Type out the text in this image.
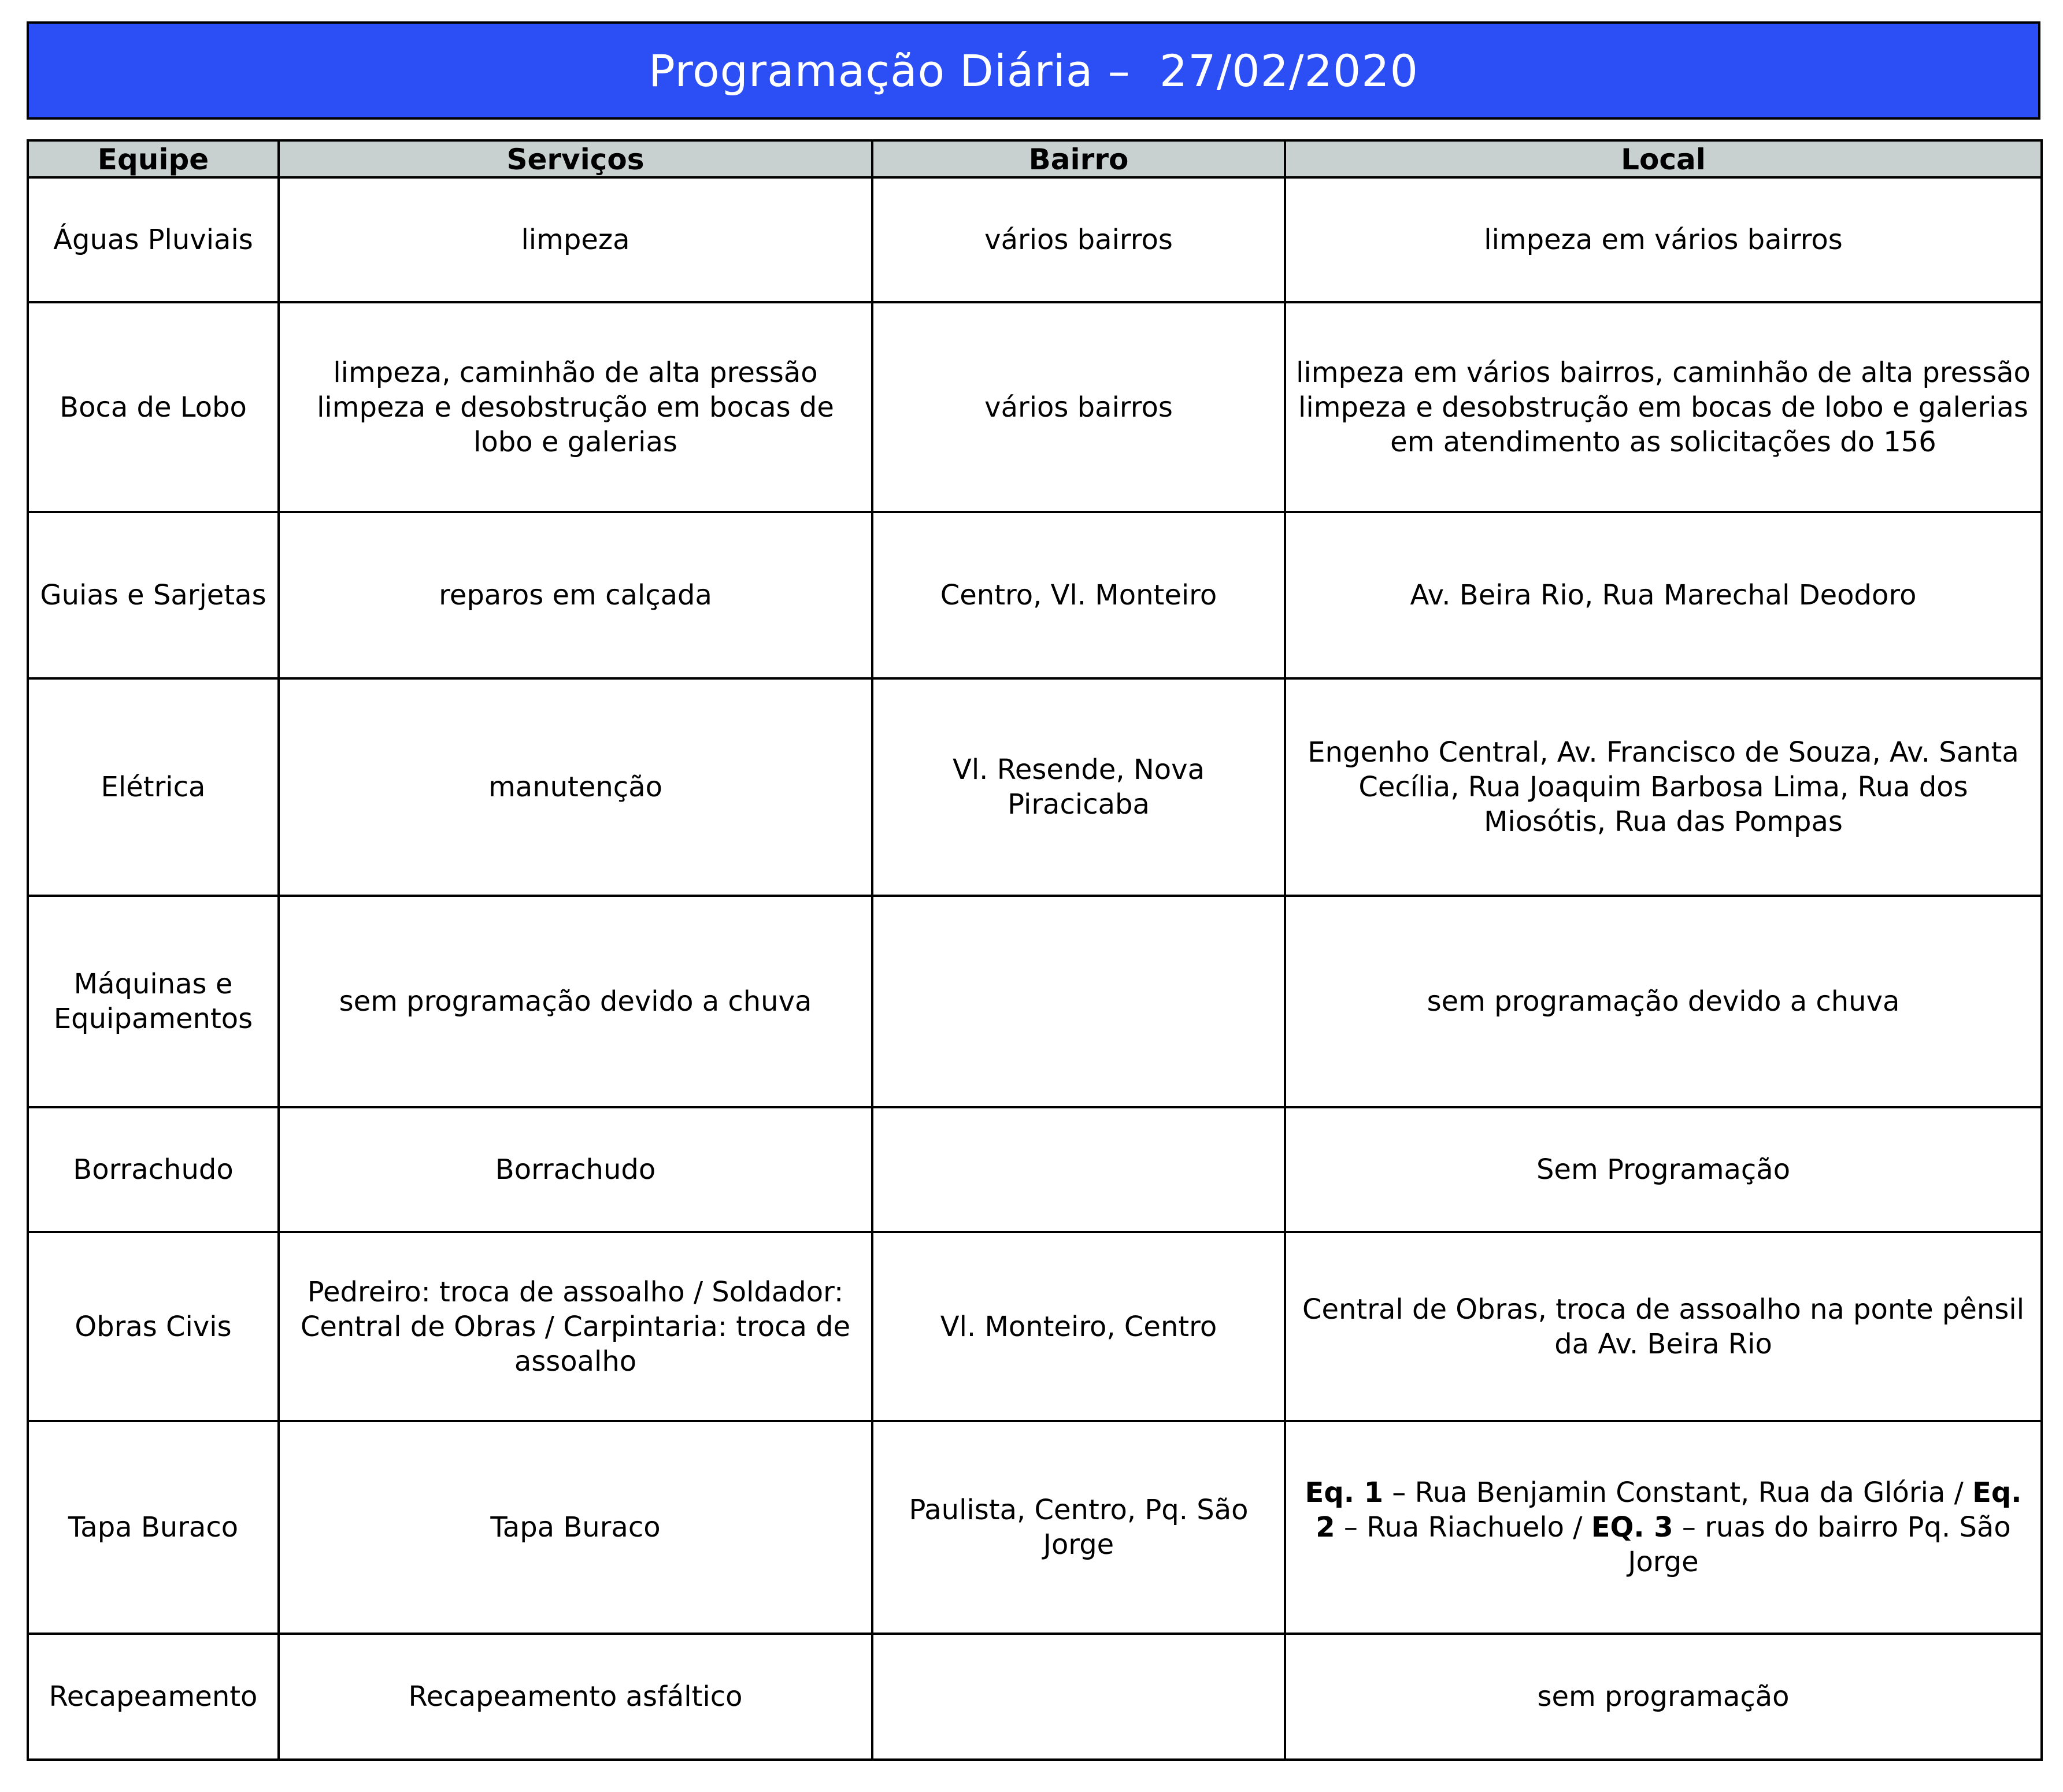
Programação Diária –  27/02/2020
Equipe	Serviços	Bairro	Local
Águas Pluviais	limpeza	vários bairros	limpeza em vários bairros
Boca de Lobo	limpeza, caminhão de alta pressão limpeza e desobstrução em bocas de lobo e galerias	vários bairros	limpeza em vários bairros, caminhão de alta pressão limpeza e desobstrução em bocas de lobo e galerias em atendimento as solicitações do 156
Guias e Sarjetas	reparos em calçada	Centro, Vl. Monteiro	Av. Beira Rio, Rua Marechal Deodoro
Elétrica	manutenção	Vl. Resende, Nova Piracicaba	Engenho Central, Av. Francisco de Souza, Av. Santa Cecília, Rua Joaquim Barbosa Lima, Rua dos Miosótis, Rua das Pompas
Máquinas e Equipamentos	sem programação devido a chuva		sem programação devido a chuva
Borrachudo	Borrachudo		Sem Programação
Obras Civis	Pedreiro: troca de assoalho / Soldador: Central de Obras / Carpintaria: troca de assoalho	Vl. Monteiro, Centro	Central de Obras, troca de assoalho na ponte pênsil da Av. Beira Rio
Tapa Buraco	Tapa Buraco	Paulista, Centro, Pq. São Jorge	Eq. 1 – Rua Benjamin Constant, Rua da Glória / Eq. 2 – Rua Riachuelo / EQ. 3 – ruas do bairro Pq. São Jorge
Recapeamento	Recapeamento asfáltico		sem programação
